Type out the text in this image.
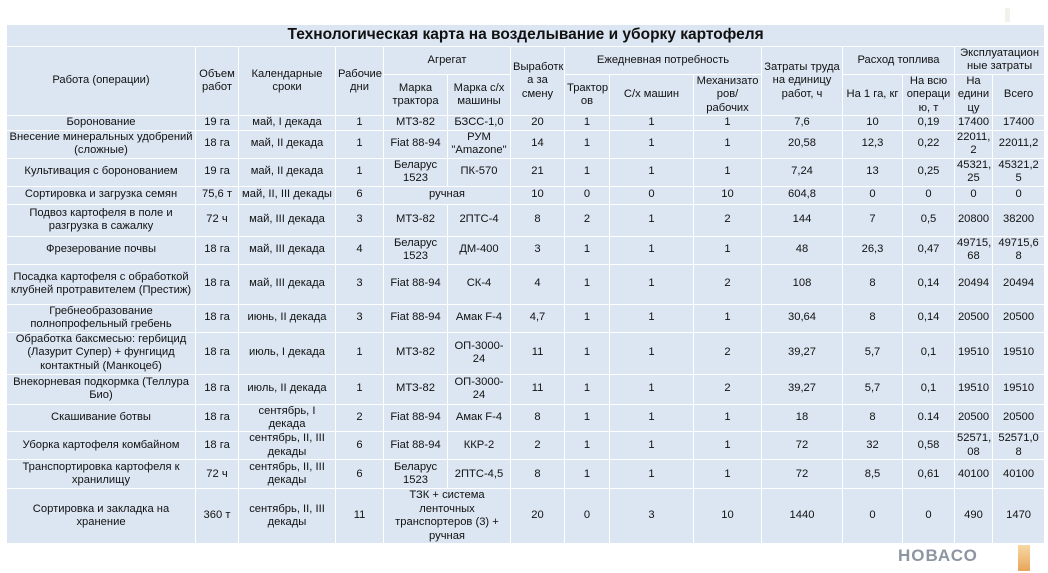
НОВАСО
Технологическая карта на возделывание и уборку картофеля														
Работа (операции)	Объем работ	Календарные сроки	Рабочие дни	Агрегат		Выработк а за смену	Ежедневная потребность			Затраты труда на единицу работ, ч	Расход топлива		Эксплуатацион ные затраты	
				Марка трактора	Марка с/х машины		Трактор ов	С/х машин	Механизато ров/рабочих		На 1 га, кг	На всю операци ю, т	На едини цу	Всего
Боронование	19 га	май, I декада	1	МТЗ-82	БЗСС-1,0	20	1	1	1	7,6	10	0,19	17400	17400
Внесение минеральных удобрений (сложные)	18 га	май, II декада	1	Fiat 88-94	РУМ "Amazone"	14	1	1	1	20,58	12,3	0,22	22011, 2	22011,2
Культивация с боронованием	19 га	май, II декада	1	Беларус 1523	ПК-570	21	1	1	1	7,24	13	0,25	45321, 25	45321,2 5
Сортировка и загрузка семян	75,6 т	май, II, III декады	6	ручная		10	0	0	10	604,8	0	0	0	0
Подвоз картофеля в поле и разгрузка в сажалку	72 ч	май, III декада	3	МТЗ-82	2ПТС-4	8	2	1	2	144	7	0,5	20800	38200
Фрезерование почвы	18 га	май, III декада	4	Беларус 1523	ДМ-400	3	1	1	1	48	26,3	0,47	49715, 68	49715,6 8
Посадка картофеля с обработкой клубней протравителем (Престиж)	18 га	май, III декада	3	Fiat 88-94	СК-4	4	1	1	2	108	8	0,14	20494	20494
Гребнеобразование полнопрофельный гребень	18 га	июнь, II декада	3	Fiat 88-94	Амак F-4	4,7	1	1	1	30,64	8	0,14	20500	20500
Обработка баксмесью: гербицид (Лазурит Супер) + фунгицид контактный (Манкоцеб)	18 га	июль, I декада	1	МТЗ-82	ОП-3000-24	11	1	1	2	39,27	5,7	0,1	19510	19510
Внекорневая подкормка (Теллура Био)	18 га	июль, II декада	1	МТЗ-82	ОП-3000-24	11	1	1	2	39,27	5,7	0,1	19510	19510
Скашивание ботвы	18 га	сентябрь, I декада	2	Fiat 88-94	Амак F-4	8	1	1	1	18	8	0.14	20500	20500
Уборка картофеля комбайном	18 га	сентябрь, II, III декады	6	Fiat 88-94	ККР-2	2	1	1	1	72	32	0,58	52571, 08	52571,0 8
Транспортировка картофеля к хранилищу	72 ч	сентябрь, II, III декады	6	Беларус 1523	2ПТС-4,5	8	1	1	1	72	8,5	0,61	40100	40100
Сортировка и закладка на хранение	360 т	сентябрь, II, III декады	11	ТЗК + система ленточных транспортеров (3) + ручная		20	0	3	10	1440	0	0	490	1470
